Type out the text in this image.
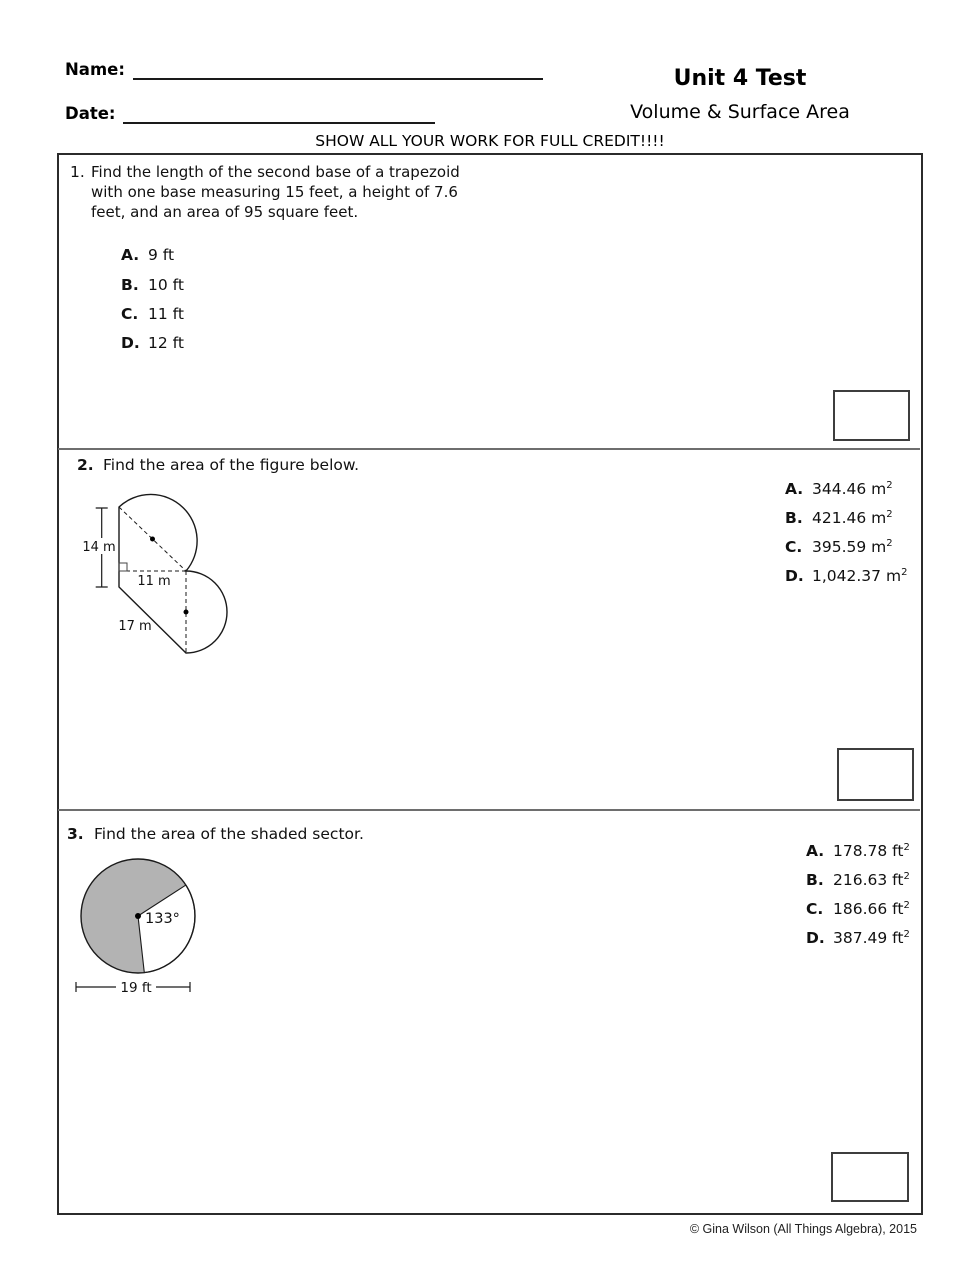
Name:
Date:
Unit 4 Test
Volume & Surface Area
SHOW ALL YOUR WORK FOR FULL CREDIT!!!!
1. Find the length of the second base of a trapezoid
with one base measuring 15 feet, a height of 7.6
feet, and an area of 95 square feet.
A. 9 ft
B. 10 ft
C. 11 ft
D. 12 ft
2. Find the area of the figure below.
14 m
11 m
17 m
A. 344.46 $m^2$
B. 421.46 $m^2$
C. 395.59 $m^2$
D. 1,042.37 $m^2$
3. Find the area of the shaded sector.
133°
19 ft
A. 178.78 $ft^2$
B. 216.63 $ft^2$
C. 186.66 $ft^2$
D. 387.49 $ft^2$
© Gina Wilson (All Things Algebra), 2015
